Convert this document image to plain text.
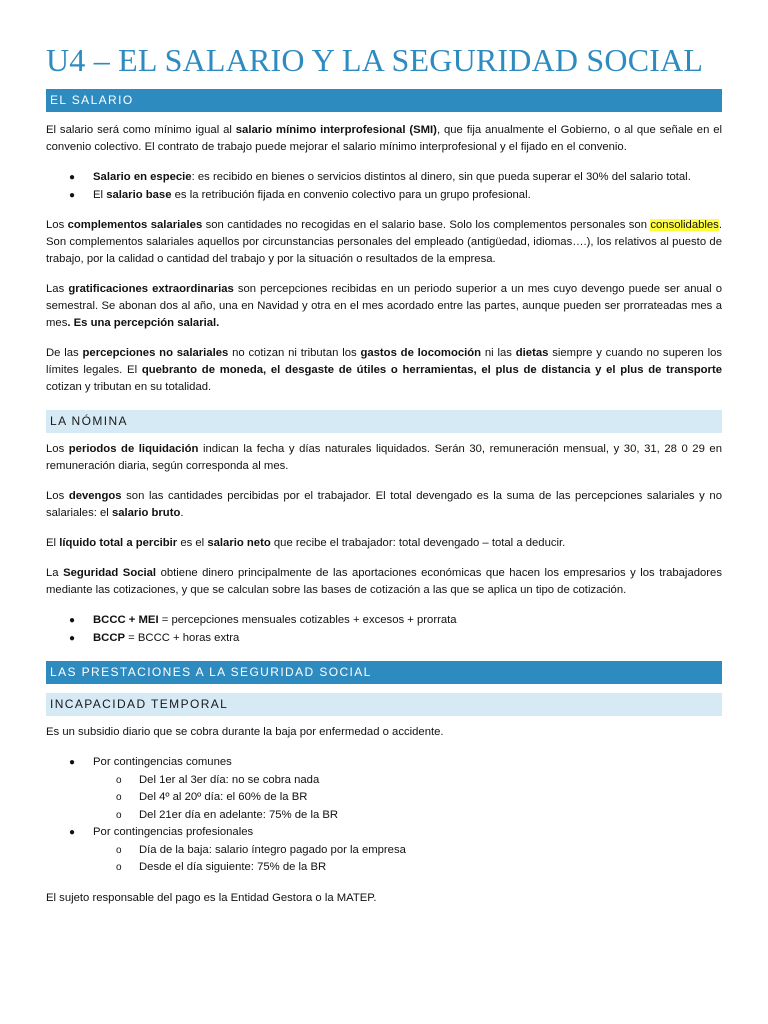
U4 – EL SALARIO Y LA SEGURIDAD SOCIAL
EL SALARIO

El salario será como mínimo igual al salario mínimo interprofesional (SMI), que fija anualmente el Gobierno, o al que señale en el convenio colectivo. El contrato de trabajo puede mejorar el salario mínimo interprofesional y el fijado en el convenio.

● Salario en especie: es recibido en bienes o servicios distintos al dinero, sin que pueda superar el 30% del salario total.
● El salario base es la retribución fijada en convenio colectivo para un grupo profesional.

Los complementos salariales son cantidades no recogidas en el salario base. Solo los complementos personales son consolidables. Son complementos salariales aquellos por circunstancias personales del empleado (antigüedad, idiomas….), los relativos al puesto de trabajo, por la calidad o cantidad del trabajo y por la situación o resultados de la empresa.

Las gratificaciones extraordinarias son percepciones recibidas en un periodo superior a un mes cuyo devengo puede ser anual o semestral. Se abonan dos al año, una en Navidad y otra en el mes acordado entre las partes, aunque pueden ser prorrateadas mes a mes. Es una percepción salarial.

De las percepciones no salariales no cotizan ni tributan los gastos de locomoción ni las dietas siempre y cuando no superen los límites legales. El quebranto de moneda, el desgaste de útiles o herramientas, el plus de distancia y el plus de transporte cotizan y tributan en su totalidad.

LA NÓMINA

Los periodos de liquidación indican la fecha y días naturales liquidados. Serán 30, remuneración mensual, y 30, 31, 28 0 29 en remuneración diaria, según corresponda al mes.

Los devengos son las cantidades percibidas por el trabajador. El total devengado es la suma de las percepciones salariales y no salariales: el salario bruto.

El líquido total a percibir es el salario neto que recibe el trabajador: total devengado – total a deducir.

La Seguridad Social obtiene dinero principalmente de las aportaciones económicas que hacen los empresarios y los trabajadores mediante las cotizaciones, y que se calculan sobre las bases de cotización a las que se aplica un tipo de cotización.

● BCCC + MEI = percepciones mensuales cotizables + excesos + prorrata
● BCCP = BCCC + horas extra
LAS PRESTACIONES A LA SEGURIDAD SOCIAL
INCAPACIDAD TEMPORAL

Es un subsidio diario que se cobra durante la baja por enfermedad o accidente.

● Por contingencias comunes
o Del 1er al 3er día: no se cobra nada
o Del 4º al 20º día: el 60% de la BR
o Del 21er día en adelante: 75% de la BR
● Por contingencias profesionales
o Día de la baja: salario íntegro pagado por la empresa
o Desde el día siguiente: 75% de la BR

El sujeto responsable del pago es la Entidad Gestora o la MATEP.
